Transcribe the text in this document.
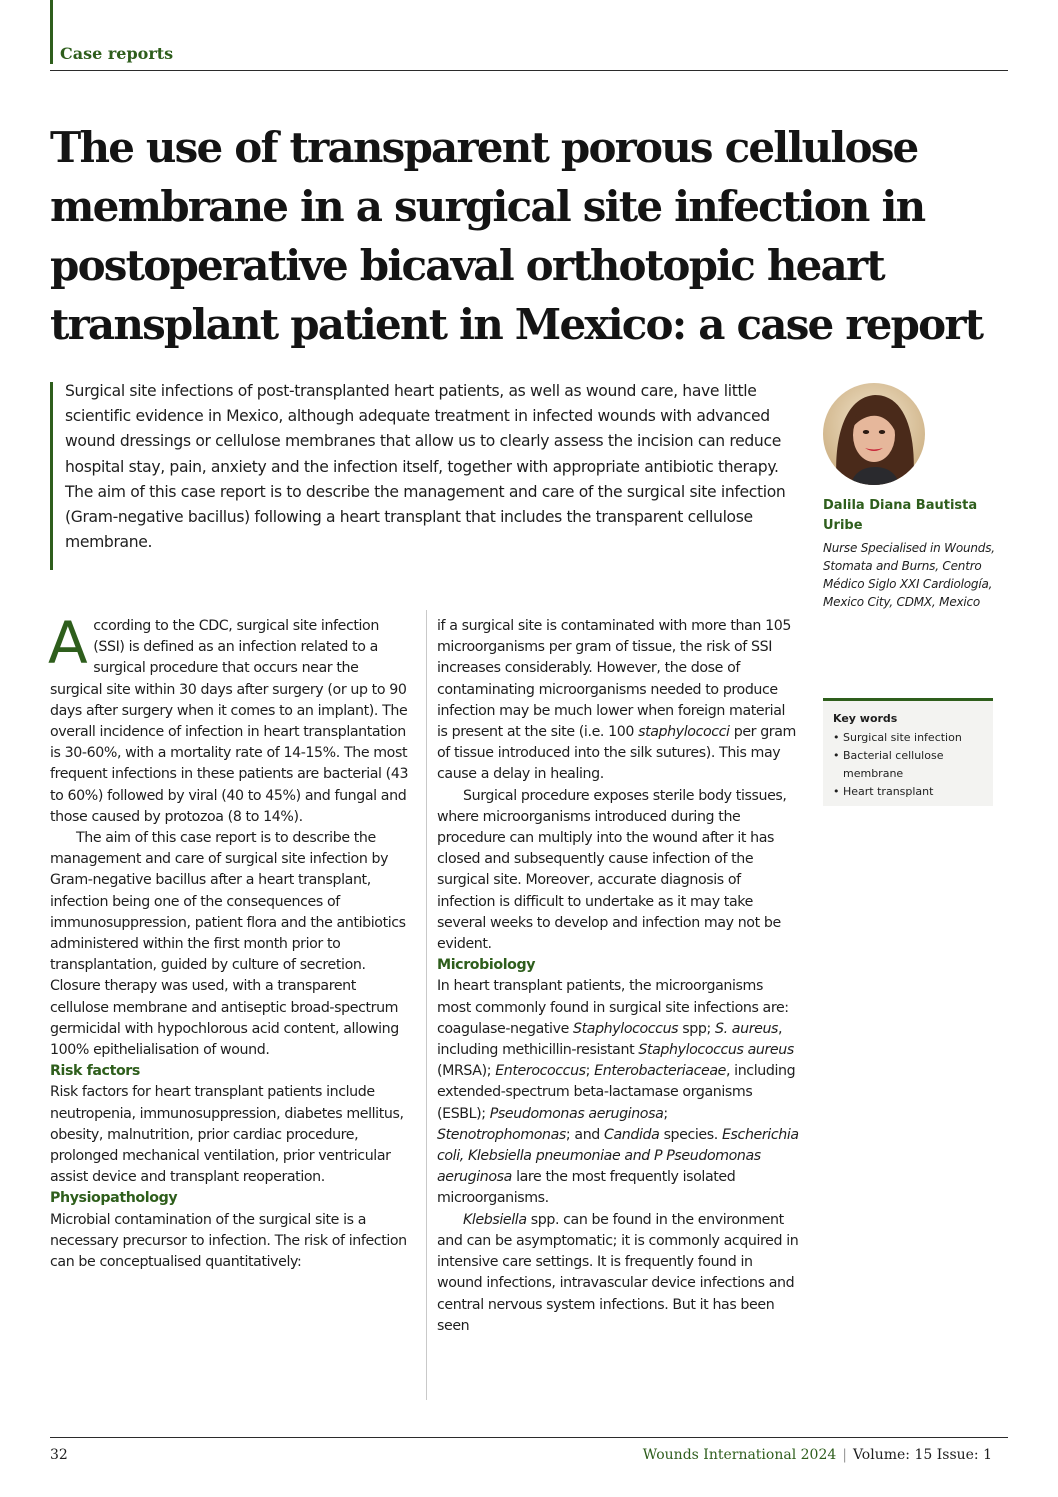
Case reports
The use of transparent porous cellulose membrane in a surgical site infection in postoperative bicaval orthotopic heart transplant patient in Mexico: a case report

Surgical site infections of post-transplanted heart patients, as well as wound care, have little scientific evidence in Mexico, although adequate treatment in infected wounds with advanced wound dressings or cellulose membranes that allow us to clearly assess the incision can reduce hospital stay, pain, anxiety and the infection itself, together with appropriate antibiotic therapy. The aim of this case report is to describe the management and care of the surgical site infection (Gram-negative bacillus) following a heart transplant that includes the transparent cellulose membrane.

Dalila Diana Bautista Uribe
Nurse Specialised in Wounds, Stomata and Burns, Centro Médico Siglo XXI Cardiología, Mexico City, CDMX, Mexico
Key words
• Surgical site infection
• Bacterial cellulose membrane
• Heart transplant

According to the CDC, surgical site infection (SSI) is defined as an infection related to a surgical procedure that occurs near the surgical site within 30 days after surgery (or up to 90 days after surgery when it comes to an implant). The overall incidence of infection in heart transplantation is 30-60%, with a mortality rate of 14-15%. The most frequent infections in these patients are bacterial (43 to 60%) followed by viral (40 to 45%) and fungal and those caused by protozoa (8 to 14%).

The aim of this case report is to describe the management and care of surgical site infection by Gram-negative bacillus after a heart transplant, infection being one of the consequences of immunosuppression, patient flora and the antibiotics administered within the first month prior to transplantation, guided by culture of secretion. Closure therapy was used, with a transparent cellulose membrane and antiseptic broad-spectrum germicidal with hypochlorous acid content, allowing 100% epithelialisation of wound.

Risk factors

Risk factors for heart transplant patients include neutropenia, immunosuppression, diabetes mellitus, obesity, malnutrition, prior cardiac procedure, prolonged mechanical ventilation, prior ventricular assist device and transplant reoperation.

Physiopathology

Microbial contamination of the surgical site is a necessary precursor to infection. The risk of infection can be conceptualised quantitatively:

if a surgical site is contaminated with more than 105 microorganisms per gram of tissue, the risk of SSI increases considerably. However, the dose of contaminating microorganisms needed to produce infection may be much lower when foreign material is present at the site (i.e. 100 staphylococci per gram of tissue introduced into the silk sutures). This may cause a delay in healing.

Surgical procedure exposes sterile body tissues, where microorganisms introduced during the procedure can multiply into the wound after it has closed and subsequently cause infection of the surgical site. Moreover, accurate diagnosis of infection is difficult to undertake as it may take several weeks to develop and infection may not be evident.

Microbiology

In heart transplant patients, the microorganisms most commonly found in surgical site infections are: coagulase-negative Staphylococcus spp; S. aureus, including methicillin-resistant Staphylococcus aureus (MRSA); Enterococcus; Enterobacteriaceae, including extended-spectrum beta-lactamase organisms (ESBL); Pseudomonas aeruginosa; Stenotrophomonas; and Candida species. Escherichia coli, Klebsiella pneumoniae and P Pseudomonas aeruginosa lare the most frequently isolated microorganisms.

Klebsiella spp. can be found in the environment and can be asymptomatic; it is commonly acquired in intensive care settings. It is frequently found in wound infections, intravascular device infections and central nervous system infections. But it has been seen

32	Wounds International 2024 | Volume: 15 Issue: 1
